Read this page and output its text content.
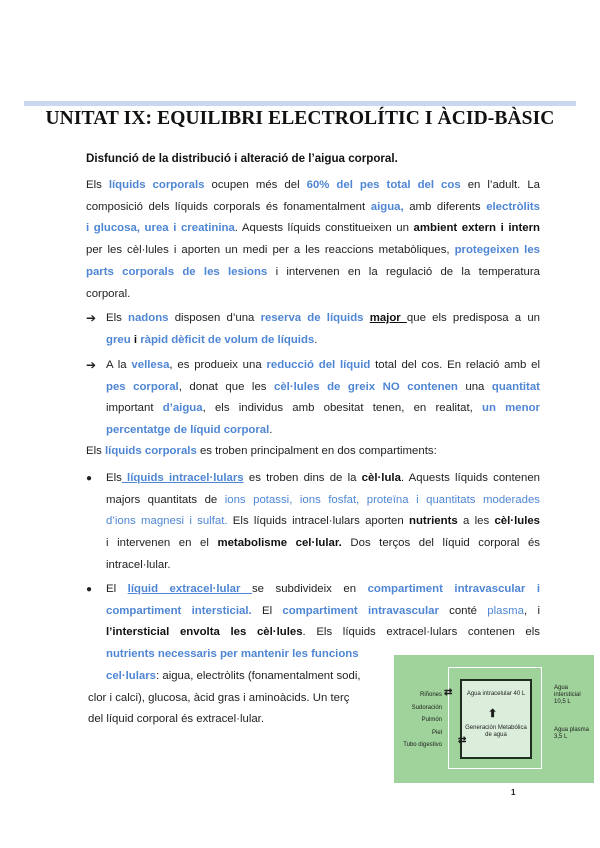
UNITAT IX: EQUILIBRI ELECTROLÍTIC I ÀCID-BÀSIC
Disfunció de la distribució i alteració de l’aigua corporal.
Els líquids corporals ocupen més del 60% del pes total del cos en l’adult. La
composició dels líquids corporals és fonamentalment aigua, amb diferents electròlits
i glucosa, urea i creatinina. Aquests líquids constitueixen un ambient extern i intern
per les cèl·lules i aporten un medi per a les reaccions metabòliques, protegeixen les
parts corporals de les lesions i intervenen en la regulació de la temperatura
corporal.
➔ Els nadons disposen d’una reserva de líquids major que els predisposa a un
greu i ràpid dèficit de volum de líquids.
➔ A la vellesa, es produeix una reducció del líquid total del cos. En relació amb el
pes corporal, donat que les cèl·lules de greix NO contenen una quantitat
important d’aigua, els individus amb obesitat tenen, en realitat, un menor
percentatge de líquid corporal.
Els líquids corporals es troben principalment en dos compartiments:
●	Els líquids intracel·lulars es troben dins de la cèl·lula. Aquests líquids contenen
majors quantitats de ions potassi, ions fosfat, proteïna i quantitats moderades
d’ions magnesi i sulfat. Els líquids intracel·lulars aporten nutrients a les cèl·lules
i intervenen en el metabolisme cel·lular. Dos terços del líquid corporal és
intracel·lular.
●	El líquid extracel·lular se subdivideix en compartiment intravascular i
compartiment intersticial. El compartiment intravascular conté plasma, i
l’intersticial envolta les cèl·lules. Els líquids extracel·lulars contenen els
nutrients necessaris per mantenir les funcions
cel·lulars: aigua, electròlits (fonamentalment sodi,
clor i calci), glucosa, àcid gras i aminoàcids. Un terç
del líquid corporal és extracel·lular.
Riñones
Sudoración
Pulmón
Piel
Tubo digestivo
Agua intracelular 40 L
⬆
Generación Metabólica de agua
⇄
⇄
Agua intersticial 10,5 L
Agua plasma 3,5 L
1
